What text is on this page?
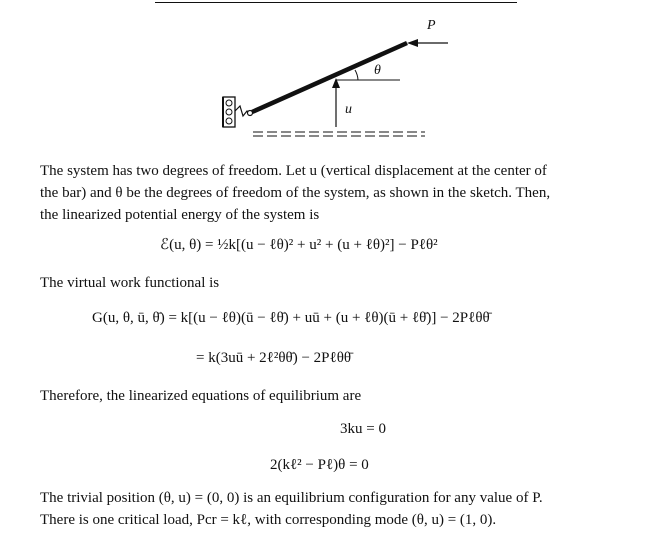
P
θ
u
The system has two degrees of freedom. Let u (vertical displacement at the center of
the bar) and θ be the degrees of freedom of the system, as shown in the sketch. Then,
the linearized potential energy of the system is
ℰ(u, θ) = ½k[(u − ℓθ)² + u² + (u + ℓθ)²] − Pℓθ²
The virtual work functional is
G(u, θ, ū, θ̄) = k[(u − ℓθ)(ū − ℓθ̄) + uū + (u + ℓθ)(ū + ℓθ̄)] − 2Pℓθθ̄
= k(3uū + 2ℓ²θθ̄) − 2Pℓθθ̄
Therefore, the linearized equations of equilibrium are
3ku = 0
2(kℓ² − Pℓ)θ = 0
The trivial position (θ, u) = (0, 0) is an equilibrium configuration for any value of P.
There is one critical load, Pcr = kℓ, with corresponding mode (θ, u) = (1, 0).
